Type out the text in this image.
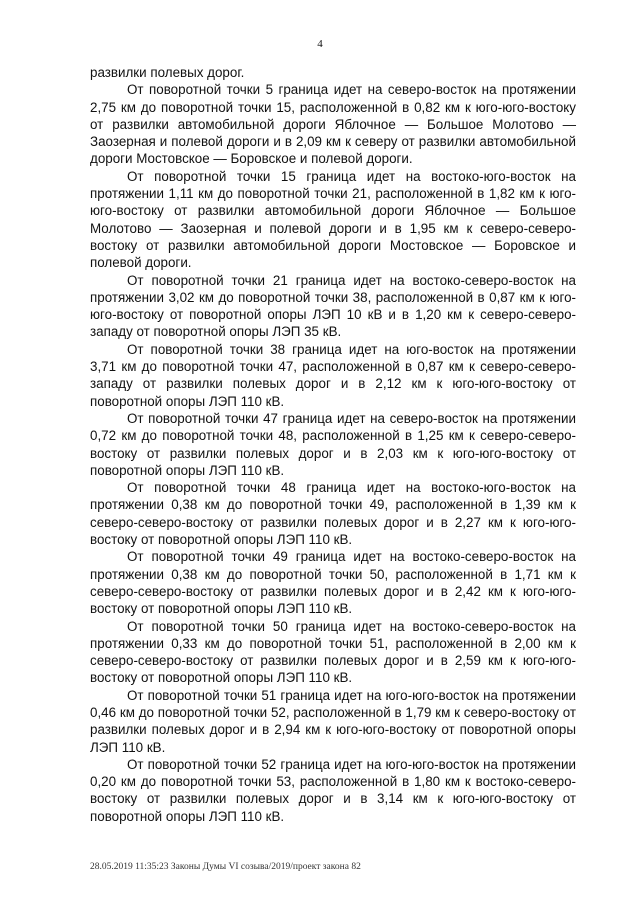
4

развилки полевых дорог.

От поворотной точки 5 граница идет на северо-восток на протяжении 2,75 км до поворотной точки 15, расположенной в 0,82 км к юго-юго-востоку от развилки автомобильной дороги Яблочное — Большое Молотово — Заозерная и полевой дороги и в 2,09 км к северу от развилки автомобильной дороги Мостовское — Боровское и полевой дороги.

От поворотной точки 15 граница идет на востоко-юго-восток на протяжении 1,11 км до поворотной точки 21, расположенной в 1,82 км к юго-юго-востоку от развилки автомобильной дороги Яблочное — Большое Молотово — Заозерная и полевой дороги и в 1,95 км к северо-северо-востоку от развилки автомобильной дороги Мостовское — Боровское и полевой дороги.

От поворотной точки 21 граница идет на востоко-северо-восток на протяжении 3,02 км до поворотной точки 38, расположенной в 0,87 км к юго-юго-востоку от поворотной опоры ЛЭП 10 кВ и в 1,20 км к северо-северо-западу от поворотной опоры ЛЭП 35 кВ.

От поворотной точки 38 граница идет на юго-восток на протяжении 3,71 км до поворотной точки 47, расположенной в 0,87 км к северо-северо-западу от развилки полевых дорог и в 2,12 км к юго-юго-востоку от поворотной опоры ЛЭП 110 кВ.

От поворотной точки 47 граница идет на северо-восток на протяжении 0,72 км до поворотной точки 48, расположенной в 1,25 км к северо-северо-востоку от развилки полевых дорог и в 2,03 км к юго-юго-востоку от поворотной опоры ЛЭП 110 кВ.

От поворотной точки 48 граница идет на востоко-юго-восток на протяжении 0,38 км до поворотной точки 49, расположенной в 1,39 км к северо-северо-востоку от развилки полевых дорог и в 2,27 км к юго-юго-востоку от поворотной опоры ЛЭП 110 кВ.

От поворотной точки 49 граница идет на востоко-северо-восток на протяжении 0,38 км до поворотной точки 50, расположенной в 1,71 км к северо-северо-востоку от развилки полевых дорог и в 2,42 км к юго-юго-востоку от поворотной опоры ЛЭП 110 кВ.

От поворотной точки 50 граница идет на востоко-северо-восток на протяжении 0,33 км до поворотной точки 51, расположенной в 2,00 км к северо-северо-востоку от развилки полевых дорог и в 2,59 км к юго-юго-востоку от поворотной опоры ЛЭП 110 кВ.

От поворотной точки 51 граница идет на юго-юго-восток на протяжении 0,46 км до поворотной точки 52, расположенной в 1,79 км к северо-востоку от развилки полевых дорог и в 2,94 км к юго-юго-востоку от поворотной опоры ЛЭП 110 кВ.

От поворотной точки 52 граница идет на юго-юго-восток на протяжении 0,20 км до поворотной точки 53, расположенной в 1,80 км к востоко-северо-востоку от развилки полевых дорог и в 3,14 км к юго-юго-востоку от поворотной опоры ЛЭП 110 кВ.

28.05.2019 11:35:23 Законы Думы VI созыва/2019/проект закона 82
